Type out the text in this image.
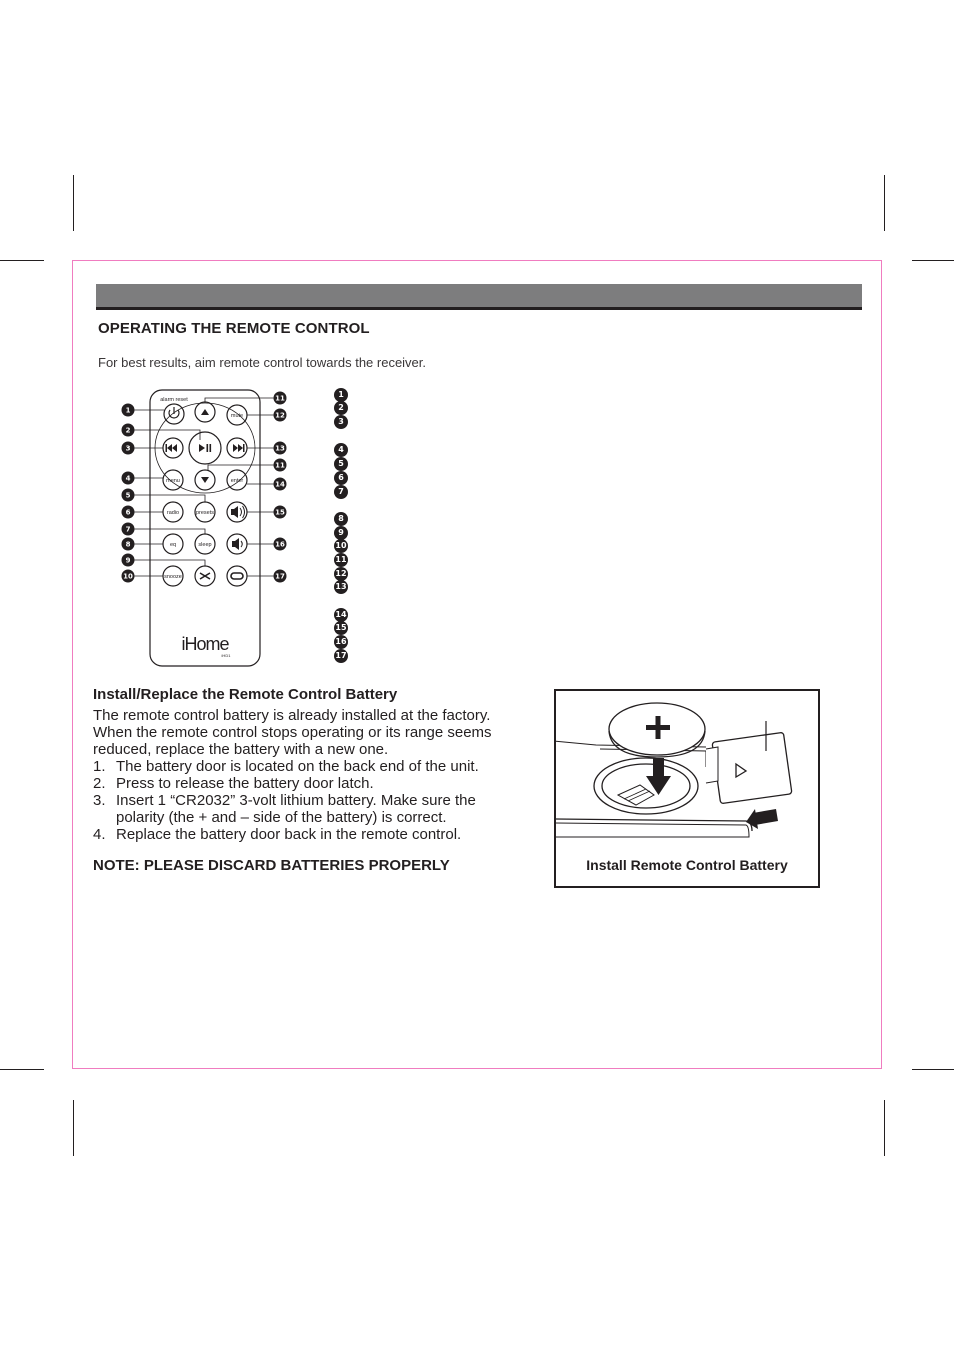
OPERATING THE REMOTE CONTROL
For best results, aim remote control towards the receiver.
alarm reset
mute
menu	enter
radio	presets
eq	sleep
snooze
iHome
iHD1
1
2
3
4
5
6
7
8
9
10
11
12
13
11
14
15
16
17
1
2
3
4
5
6
7
8
9
10
11
12
13
14
15
16
17

Install/Replace the Remote Control Battery

The remote control battery is already installed at the factory. When the remote control stops operating or its range seems reduced, replace the battery with a new one.

1. The battery door is located on the back end of the unit.

2. Press to release the battery door latch.

3. Insert 1 “CR2032” 3-volt lithium battery. Make sure the polarity (the + and – side of the battery) is correct.

4. Replace the battery door back in the remote control.

NOTE: PLEASE DISCARD BATTERIES PROPERLY	Install Remote Control Battery
